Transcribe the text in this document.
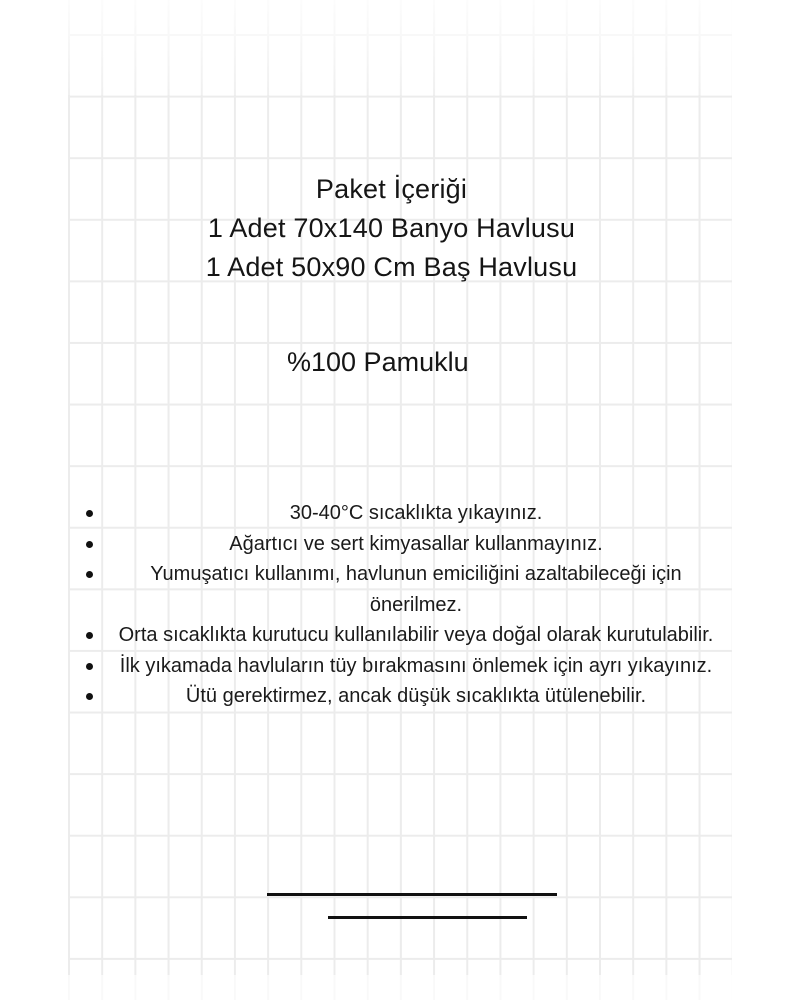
Paket İçeriği
1 Adet 70x140 Banyo Havlusu
1 Adet 50x90 Cm Baş Havlusu
%100 Pamuklu
30-40°C sıcaklıkta yıkayınız.
Ağartıcı ve sert kimyasallar kullanmayınız.
Yumuşatıcı kullanımı, havlunun emiciliğini azaltabileceği için önerilmez.
Orta sıcaklıkta kurutucu kullanılabilir veya doğal olarak kurutulabilir.
İlk yıkamada havluların tüy bırakmasını önlemek için ayrı yıkayınız.
Ütü gerektirmez, ancak düşük sıcaklıkta ütülenebilir.
